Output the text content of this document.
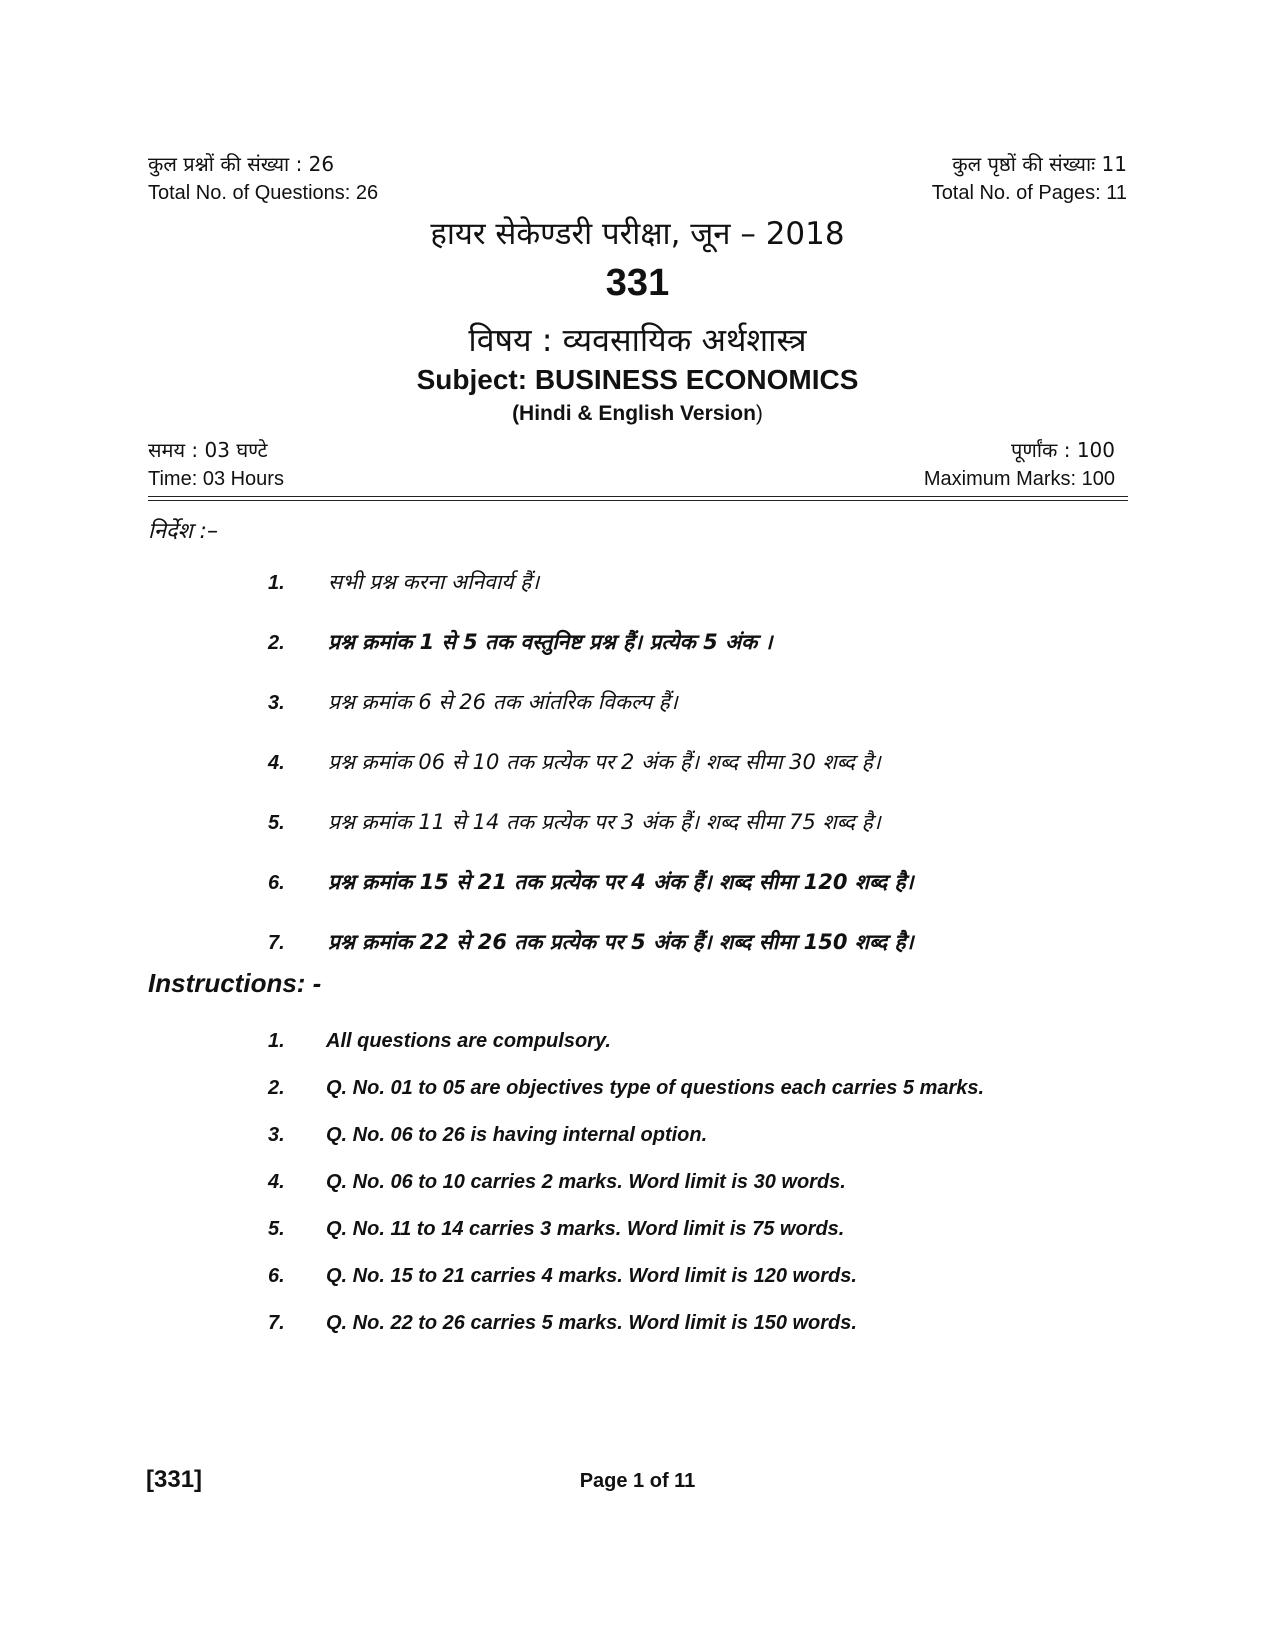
कुल प्रश्नों की संख्या : 26
Total No. of Questions: 26
कुल पृष्ठों की संख्याः 11
Total No. of Pages: 11
हायर सेकेण्डरी परीक्षा, जून – 2018
331
विषय : व्यवसायिक अर्थशास्त्र
Subject: BUSINESS ECONOMICS
(Hindi & English Version)
समय : 03 घण्टे
Time: 03 Hours
पूर्णांक : 100
Maximum Marks: 100
निर्देश :–
1.	सभी प्रश्न करना अनिवार्य हैं।
2.	प्रश्न क्रमांक 1 से 5 तक वस्तुनिष्ट प्रश्न हैं। प्रत्येक 5 अंक ।
3.	प्रश्न क्रमांक 6 से 26 तक आंतरिक विकल्प हैं।
4.	प्रश्न क्रमांक 06 से 10 तक प्रत्येक पर 2 अंक हैं। शब्द सीमा 30 शब्द है।
5.	प्रश्न क्रमांक 11 से 14 तक प्रत्येक पर 3 अंक हैं। शब्द सीमा 75 शब्द है।
6.	प्रश्न क्रमांक 15 से 21 तक प्रत्येक पर 4 अंक हैं। शब्द सीमा 120 शब्द है।
7.	प्रश्न क्रमांक 22 से 26 तक प्रत्येक पर 5 अंक हैं। शब्द सीमा 150 शब्द है।
Instructions: -
1.	All questions are compulsory.
2.	Q. No. 01 to 05 are objectives type of questions each carries 5 marks.
3.	Q. No. 06 to 26 is having internal option.
4.	Q. No. 06 to 10 carries 2 marks. Word limit is 30 words.
5.	Q. No. 11 to 14 carries 3 marks. Word limit is 75 words.
6.	Q. No. 15 to 21 carries 4 marks. Word limit is 120 words.
7.	Q. No. 22 to 26 carries 5 marks. Word limit is 150 words.
[331]	Page 1 of 11
